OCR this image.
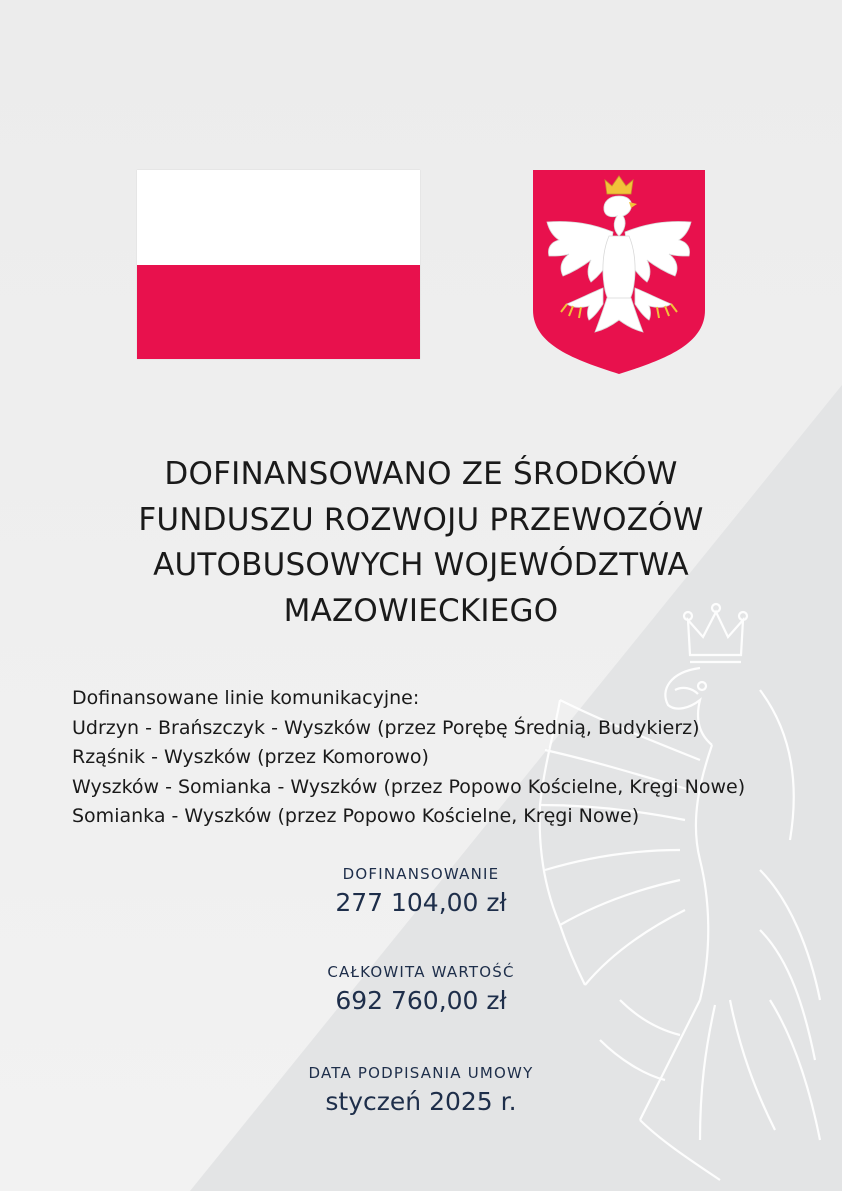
DOFINANSOWANO ZE ŚRODKÓW
FUNDUSZU ROZWOJU PRZEWOZÓW
AUTOBUSOWYCH WOJEWÓDZTWA
MAZOWIECKIEGO
Dofinansowane linie komunikacyjne:
Udrzyn - Brańszczyk - Wyszków (przez Porębę Średnią, Budykierz)
Rząśnik - Wyszków (przez Komorowo)
Wyszków - Somianka - Wyszków (przez Popowo Kościelne, Kręgi Nowe)
Somianka - Wyszków (przez Popowo Kościelne, Kręgi Nowe)
DOFINANSOWANIE
277 104,00 zł
CAŁKOWITA WARTOŚĆ
692 760,00 zł
DATA PODPISANIA UMOWY
styczeń 2025 r.
